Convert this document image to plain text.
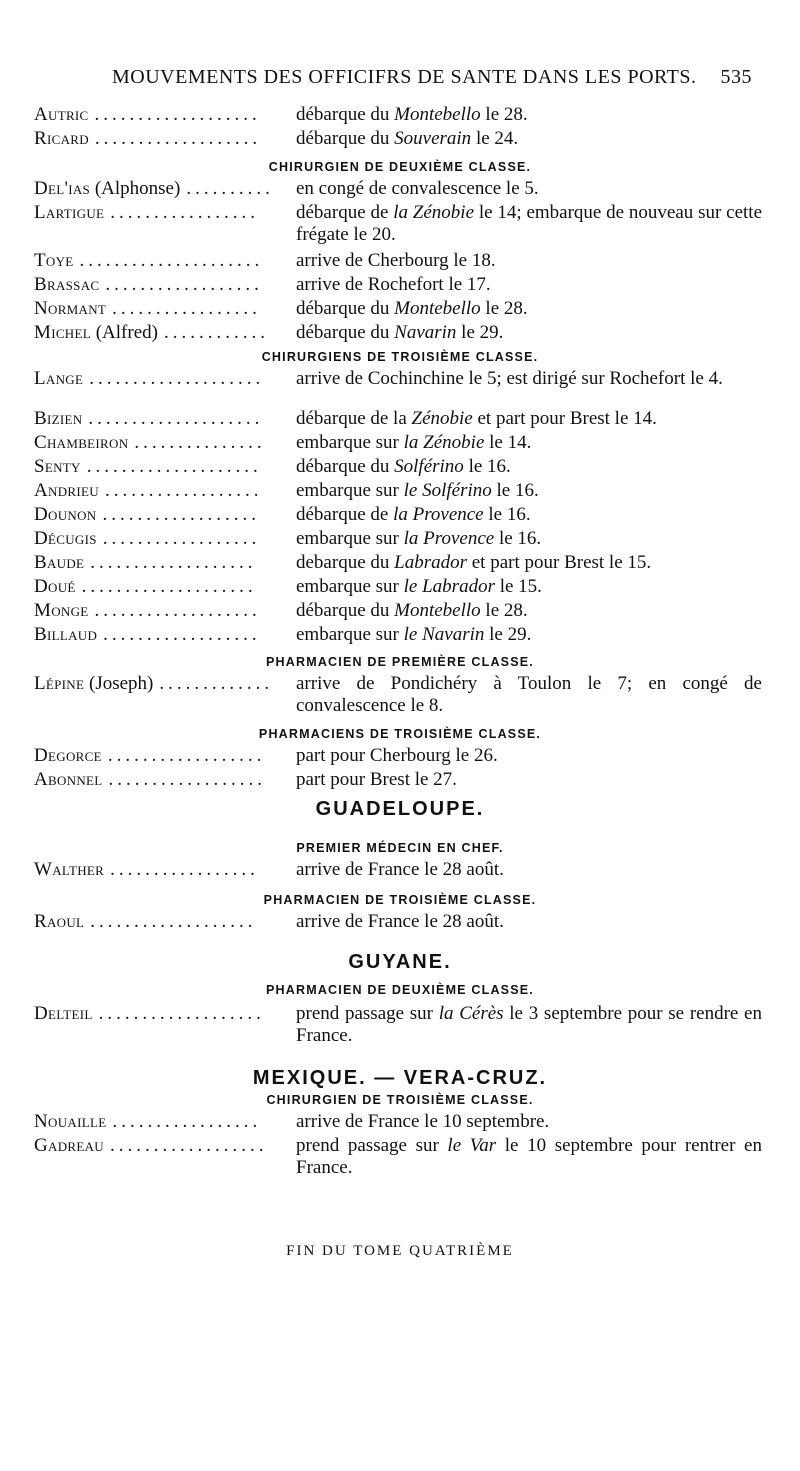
MOUVEMENTS DES OFFICIFRS DE SANTE DANS LES PORTS. 535
Autric	débarque du Montebello le 28.
...................
Ricard	débarque du Souverain le 24.
...................
CHIRURGIEN DE DEUXIÈME CLASSE.
Del'ias (Alphonse)	en congé de convalescence le 5.
..........
Lartigue	débarque de la Zénobie le 14; embarque de nouveau sur cette frégate le 20.
.................
Toye	arrive de Cherbourg le 18.
.....................
Brassac	arrive de Rochefort le 17.
..................
Normant	débarque du Montebello le 28.
.................
Michel (Alfred)	débarque du Navarin le 29.
............
CHIRURGIENS DE TROISIÈME CLASSE.
Lange	arrive de Cochinchine le 5; est dirigé sur Rochefort le 4.
....................
Bizien	débarque de la Zénobie et part pour Brest le 14.
....................
Chambeiron	embarque sur la Zénobie le 14.
...............
Senty	débarque du Solférino le 16.
....................
Andrieu	embarque sur le Solférino le 16.
..................
Dounon	débarque de la Provence le 16.
..................
Décugis	embarque sur la Provence le 16.
..................
Baude	debarque du Labrador et part pour Brest le 15.
...................
Doué	embarque sur le Labrador le 15.
....................
Monge	débarque du Montebello le 28.
...................
Billaud	embarque sur le Navarin le 29.
..................
PHARMACIEN DE PREMIÈRE CLASSE.
Lépine (Joseph)	arrive de Pondichéry à Toulon le 7; en congé de convalescence le 8.
.............
PHARMACIENS DE TROISIÈME CLASSE.
Degorce	part pour Cherbourg le 26.
..................
Abonnel	part pour Brest le 27.
..................
GUADELOUPE.
PREMIER MÉDECIN EN CHEF.
Walther	arrive de France le 28 août.
.................
PHARMACIEN DE TROISIÈME CLASSE.
Raoul	arrive de France le 28 août.
...................
GUYANE.
PHARMACIEN DE DEUXIÈME CLASSE.
Delteil	prend passage sur la Cérès le 3 septembre pour se rendre en France.
...................
MEXIQUE. — VERA-CRUZ.
CHIRURGIEN DE TROISIÈME CLASSE.
Nouaille	arrive de France le 10 septembre.
.................
Gadreau	prend passage sur le Var le 10 septembre pour rentrer en France.
..................
FIN DU TOME QUATRIÈME
